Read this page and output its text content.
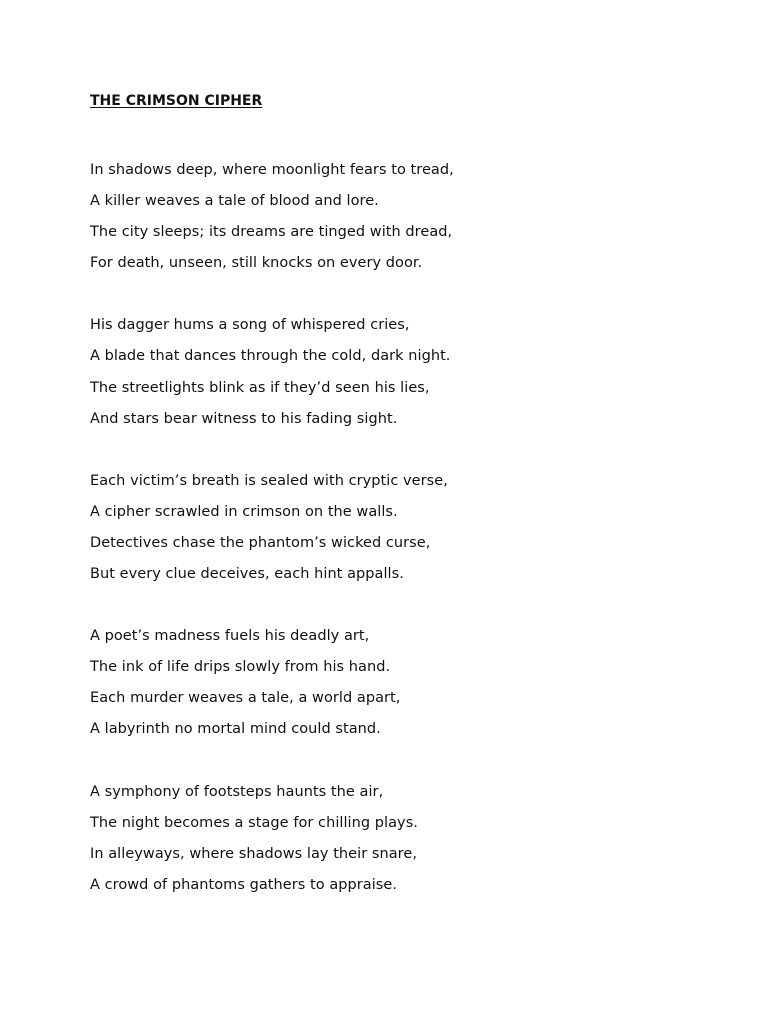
THE CRIMSON CIPHER
In shadows deep, where moonlight fears to tread,
A killer weaves a tale of blood and lore.
The city sleeps; its dreams are tinged with dread,
For death, unseen, still knocks on every door.
His dagger hums a song of whispered cries,
A blade that dances through the cold, dark night.
The streetlights blink as if they’d seen his lies,
And stars bear witness to his fading sight.
Each victim’s breath is sealed with cryptic verse,
A cipher scrawled in crimson on the walls.
Detectives chase the phantom’s wicked curse,
But every clue deceives, each hint appalls.
A poet’s madness fuels his deadly art,
The ink of life drips slowly from his hand.
Each murder weaves a tale, a world apart,
A labyrinth no mortal mind could stand.
A symphony of footsteps haunts the air,
The night becomes a stage for chilling plays.
In alleyways, where shadows lay their snare,
A crowd of phantoms gathers to appraise.
